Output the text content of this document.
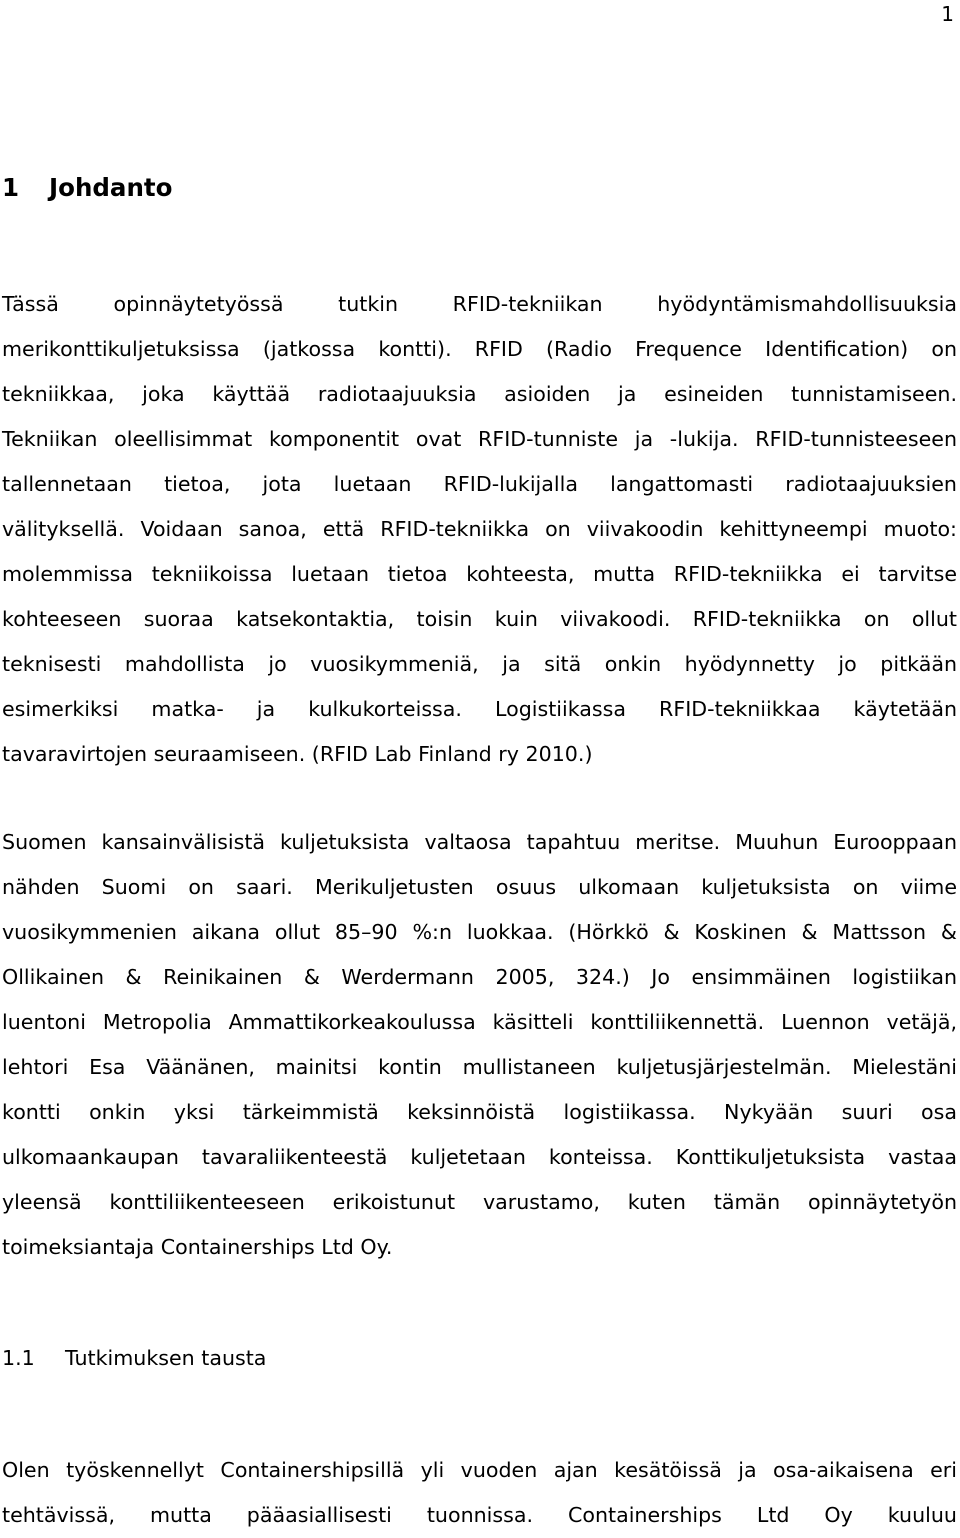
1
1 Johdanto

Tässä opinnäytetyössä tutkin RFID-tekniikan hyödyntämismahdollisuuksia
merikonttikuljetuksissa (jatkossa kontti). RFID (Radio Frequence Identification) on
tekniikkaa, joka käyttää radiotaajuuksia asioiden ja esineiden tunnistamiseen.
Tekniikan oleellisimmat komponentit ovat RFID-tunniste ja -lukija. RFID-tunnisteeseen
tallennetaan tietoa, jota luetaan RFID-lukijalla langattomasti radiotaajuuksien
välityksellä. Voidaan sanoa, että RFID-tekniikka on viivakoodin kehittyneempi muoto:
molemmissa tekniikoissa luetaan tietoa kohteesta, mutta RFID-tekniikka ei tarvitse
kohteeseen suoraa katsekontaktia, toisin kuin viivakoodi. RFID-tekniikka on ollut
teknisesti mahdollista jo vuosikymmeniä, ja sitä onkin hyödynnetty jo pitkään
esimerkiksi matka- ja kulkukorteissa. Logistiikassa RFID-tekniikkaa käytetään
tavaravirtojen seuraamiseen. (RFID Lab Finland ry 2010.)

Suomen kansainvälisistä kuljetuksista valtaosa tapahtuu meritse. Muuhun Eurooppaan
nähden Suomi on saari. Merikuljetusten osuus ulkomaan kuljetuksista on viime
vuosikymmenien aikana ollut 85–90 %:n luokkaa. (Hörkkö & Koskinen & Mattsson &
Ollikainen & Reinikainen & Werdermann 2005, 324.) Jo ensimmäinen logistiikan
luentoni Metropolia Ammattikorkeakoulussa käsitteli konttiliikennettä. Luennon vetäjä,
lehtori Esa Väänänen, mainitsi kontin mullistaneen kuljetusjärjestelmän. Mielestäni
kontti onkin yksi tärkeimmistä keksinnöistä logistiikassa. Nykyään suuri osa
ulkomaankaupan tavaraliikenteestä kuljetetaan konteissa. Konttikuljetuksista vastaa
yleensä konttiliikenteeseen erikoistunut varustamo, kuten tämän opinnäytetyön
toimeksiantaja Containerships Ltd Oy.

1.1 Tutkimuksen tausta

Olen työskennellyt Containershipsillä yli vuoden ajan kesätöissä ja osa-aikaisena eri
tehtävissä, mutta pääasiallisesti tuonnissa. Containerships Ltd Oy kuuluu
